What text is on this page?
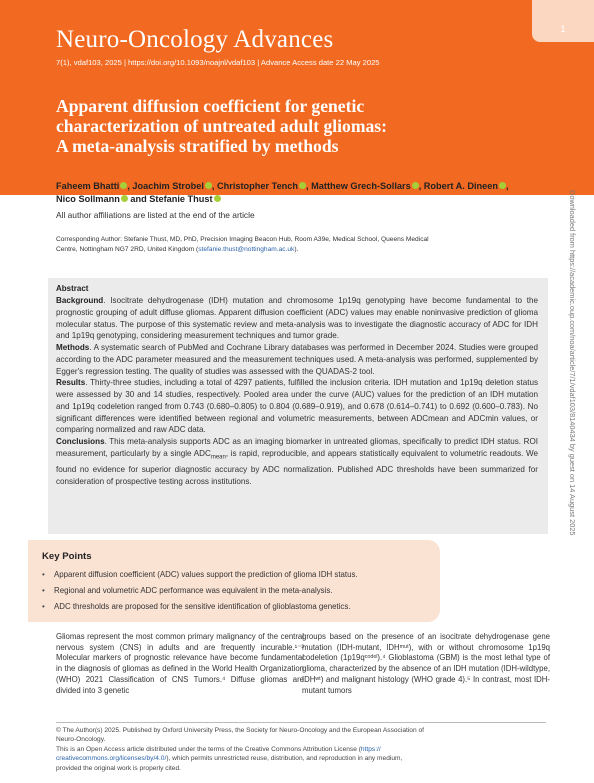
Neuro-Oncology Advances
7(1), vdaf103, 2025 | https://doi.org/10.1093/noajnl/vdaf103 | Advance Access date 22 May 2025
Apparent diffusion coefficient for genetic
characterization of untreated adult gliomas:
A meta-analysis stratified by methods
1
Faheem Bhatti , Joachim Strobel , Christopher Tench , Matthew Grech-Sollars , Robert A. Dineen ,
Nico Sollmann and Stefanie Thust
All author affiliations are listed at the end of the article
Corresponding Author: Stefanie Thust, MD, PhD, Precision Imaging Beacon Hub, Room A39e, Medical School, Queens Medical
Centre, Nottingham NG7 2RD, United Kingdom (stefanie.thust@nottingham.ac.uk).
Abstract

Background. Isocitrate dehydrogenase (IDH) mutation and chromosome 1p19q genotyping have become fundamental to the prognostic grouping of adult diffuse gliomas. Apparent diffusion coefficient (ADC) values may enable noninvasive prediction of glioma molecular status. The purpose of this systematic review and meta-analysis was to investigate the diagnostic accuracy of ADC for IDH and 1p19q genotyping, considering measurement techniques and tumor grade.

Methods. A systematic search of PubMed and Cochrane Library databases was performed in December 2024. Studies were grouped according to the ADC parameter measured and the measurement techniques used. A meta-analysis was performed, supplemented by Egger's regression testing. The quality of studies was assessed with the QUADAS-2 tool.

Results. Thirty-three studies, including a total of 4297 patients, fulfilled the inclusion criteria. IDH mutation and 1p19q deletion status were assessed by 30 and 14 studies, respectively. Pooled area under the curve (AUC) values for the prediction of an IDH mutation and 1p19q codeletion ranged from 0.743 (0.680–0.805) to 0.804 (0.689–0.919), and 0.678 (0.614–0.741) to 0.692 (0.600–0.783). No significant differences were identified between regional and volumetric measurements, between ADCmean and ADCmin values, or comparing normalized and raw ADC data.

Conclusions. This meta-analysis supports ADC as an imaging biomarker in untreated gliomas, specifically to predict IDH status. ROI measurement, particularly by a single $ADC_{mean}$, is rapid, reproducible, and appears statistically equivalent to volumetric readouts. We found no evidence for superior diagnostic accuracy by ADC normalization. Published ADC thresholds have been summarized for consideration of prospective testing across institutions.

Key Points
• Apparent diffusion coefficient (ADC) values support the prediction of glioma IDH status.
• Regional and volumetric ADC performance was equivalent in the meta-analysis.
• ADC thresholds are proposed for the sensitive identification of glioblastoma genetics.
Gliomas represent the most common primary malignancy of the central nervous system (CNS) in adults and are frequently incurable.¹⁻³ Molecular markers of prognostic relevance have become fundamental in the diagnosis of gliomas as defined in the World Health Organization (WHO) 2021 Classification of CNS Tumors.⁴ Diffuse gliomas are divided into 3 genetic
groups based on the presence of an isocitrate dehydrogenase gene mutation (IDH-mutant, IDHᵐᵘᵗ), with or without chromosome 1p19q codeletion (1p19qᶜᵒᵈᵉˡ).⁴ Glioblastoma (GBM) is the most lethal type of glioma, characterized by the absence of an IDH mutation (IDH-wildtype, IDHʷᵗ) and malignant histology (WHO grade 4).⁵ In contrast, most IDH-mutant tumors
© The Author(s) 2025. Published by Oxford University Press, the Society for Neuro-Oncology and the European Association of
Neuro-Oncology.
This is an Open Access article distributed under the terms of the Creative Commons Attribution License (https://
creativecommons.org/licenses/by/4.0/), which permits unrestricted reuse, distribution, and reproduction in any medium,
provided the original work is properly cited.
Downloaded from https://academic.oup.com/noa/article/7/1/vdaf103/8140434 by guest on 14 August 2025
